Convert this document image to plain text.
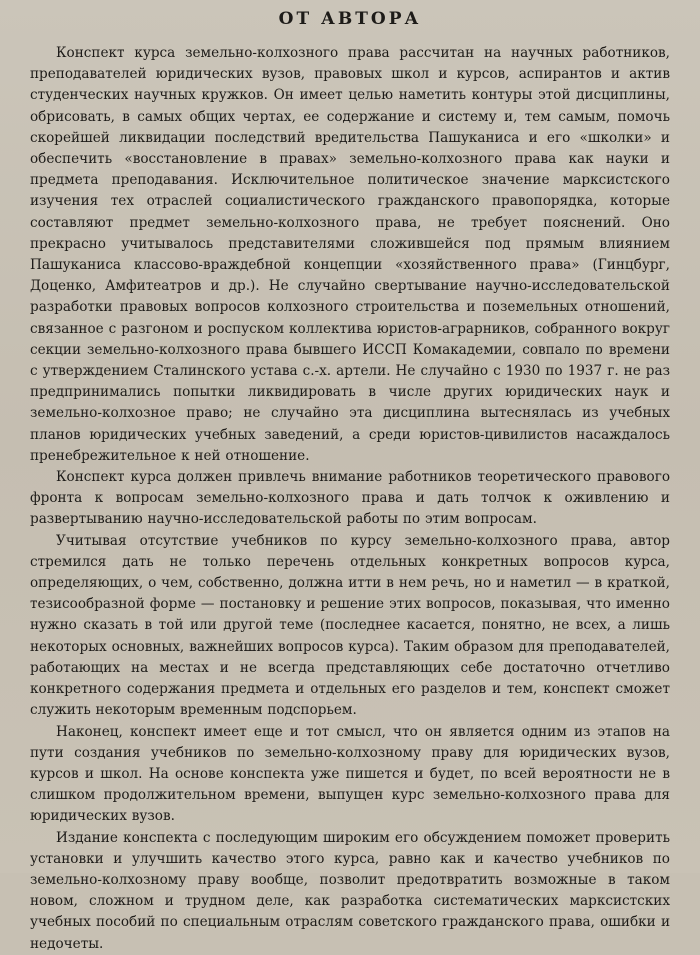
ОТ АВТОРА

Конспект курса земельно-колхозного права рассчитан на научных работников, преподавателей юридических вузов, правовых школ и курсов, аспирантов и актив студенческих научных кружков. Он имеет целью наметить контуры этой дисциплины, обрисовать, в самых общих чертах, ее содержание и систему и, тем самым, помочь скорейшей ликвидации последствий вредительства Пашуканиса и его «школки» и обеспечить «восстановление в правах» земельно-колхозного права как науки и предмета преподавания. Исключительное политическое значение марксистского изучения тех отраслей социалистического гражданского правопорядка, которые составляют предмет земельно-колхозного права, не требует пояснений. Оно прекрасно учитывалось представителями сложившейся под прямым влиянием Пашуканиса классово-враждебной концепции «хозяйственного права» (Гинцбург, Доценко, Амфитеатров и др.). Не случайно свертывание научно-исследовательской разработки правовых вопросов колхозного строительства и поземельных отношений, связанное с разгоном и роспуском коллектива юристов-аграрников, собранного вокруг секции земельно-колхозного права бывшего ИССП Комакадемии, совпало по времени с утверждением Сталинского устава с.-х. артели. Не случайно с 1930 по 1937 г. не раз предпринимались попытки ликвидировать в числе других юридических наук и земельно-колхозное право; не случайно эта дисциплина вытеснялась из учебных планов юридических учебных заведений, а среди юристов-цивилистов насаждалось пренебрежительное к ней отношение.

Конспект курса должен привлечь внимание работников теоретического правового фронта к вопросам земельно-колхозного права и дать толчок к оживлению и развертыванию научно-исследовательской работы по этим вопросам.

Учитывая отсутствие учебников по курсу земельно-колхозного права, автор стремился дать не только перечень отдельных конкретных вопросов курса, определяющих, о чем, собственно, должна итти в нем речь, но и наметил — в краткой, тезисообразной форме — постановку и решение этих вопросов, показывая, что именно нужно сказать в той или другой теме (последнее касается, понятно, не всех, а лишь некоторых основных, важнейших вопросов курса). Таким образом для преподавателей, работающих на местах и не всегда представляющих себе достаточно отчетливо конкретного содержания предмета и отдельных его разделов и тем, конспект сможет служить некоторым временным подспорьем.

Наконец, конспект имеет еще и тот смысл, что он является одним из этапов на пути создания учебников по земельно-колхозному праву для юридических вузов, курсов и школ. На основе конспекта уже пишется и будет, по всей вероятности не в слишком продолжительном времени, выпущен курс земельно-колхозного права для юридических вузов.

Издание конспекта с последующим широким его обсуждением поможет проверить установки и улучшить качество этого курса, равно как и качество учебников по земельно-колхозному праву вообще, позволит предотвратить возможные в таком новом, сложном и трудном деле, как разработка систематических марксистских учебных пособий по специальным отраслям советского гражданского права, ошибки и недочеты.
